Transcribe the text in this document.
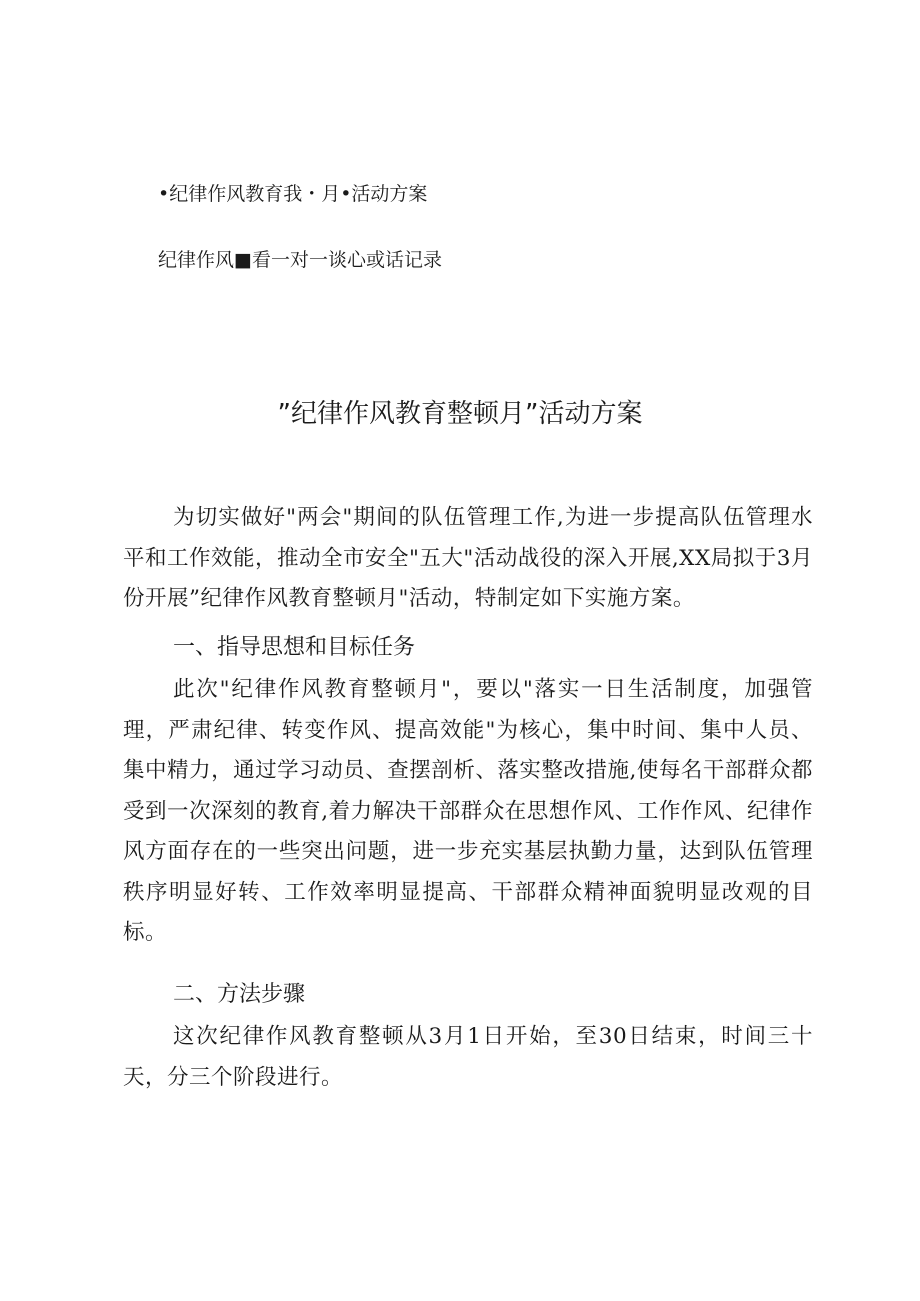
•纪律作风教育我・月•活动方案
纪律作风■看一对一谈心或话记录
”纪律作风教育整顿月”活动方案

为切实做好"两会"期间的队伍管理工作,为进一步提高队伍管理水平和工作效能，推动全市安全"五大"活动战役的深入开展,XX局拟于3月份开展”纪律作风教育整顿月"活动，特制定如下实施方案。

一、指导思想和目标任务

此次"纪律作风教育整顿月"，要以"落实一日生活制度，加强管理，严肃纪律、转变作风、提高效能"为核心，集中时间、集中人员、集中精力，通过学习动员、查摆剖析、落实整改措施,使每名干部群众都受到一次深刻的教育,着力解决干部群众在思想作风、工作作风、纪律作风方面存在的一些突出问题，进一步充实基层执勤力量，达到队伍管理秩序明显好转、工作效率明显提高、干部群众精神面貌明显改观的目标。

二、方法步骤

这次纪律作风教育整顿从3月1日开始，至30日结束，时间三十天，分三个阶段进行。
